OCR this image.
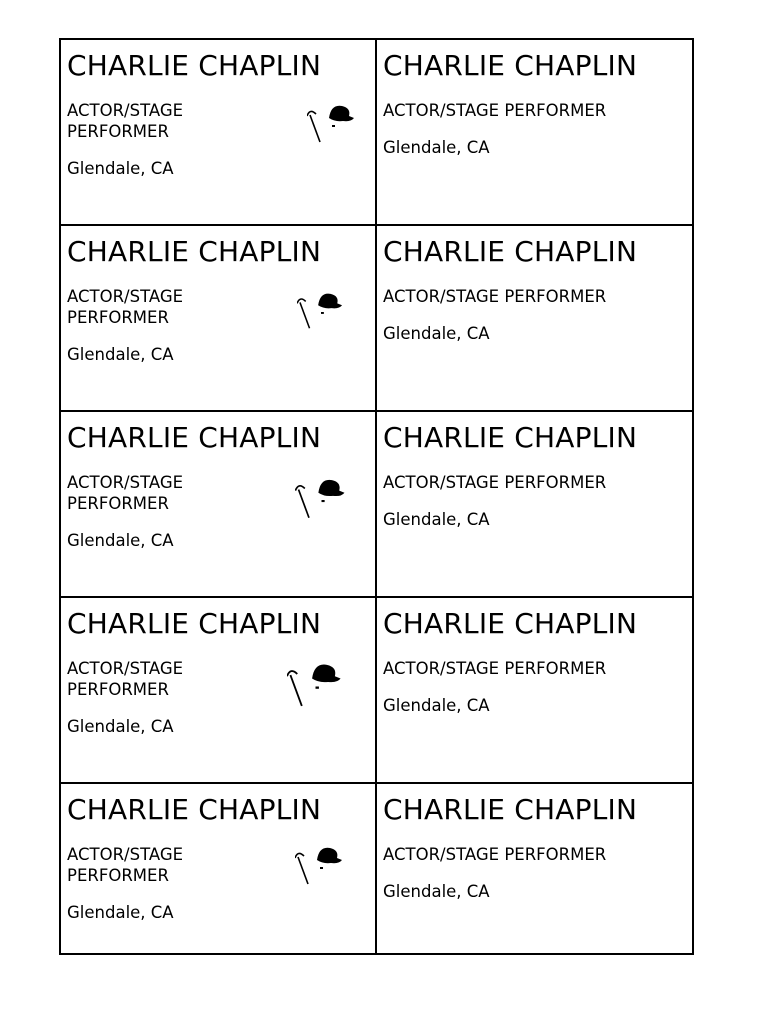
CHARLIE CHAPLIN
ACTOR/STAGE PERFORMER
Glendale, CA
CHARLIE CHAPLIN
ACTOR/STAGE PERFORMER
Glendale, CA
CHARLIE CHAPLIN
ACTOR/STAGE PERFORMER
Glendale, CA
CHARLIE CHAPLIN
ACTOR/STAGE PERFORMER
Glendale, CA
CHARLIE CHAPLIN
ACTOR/STAGE PERFORMER
Glendale, CA
CHARLIE CHAPLIN
ACTOR/STAGE PERFORMER
Glendale, CA
CHARLIE CHAPLIN
ACTOR/STAGE PERFORMER
Glendale, CA
CHARLIE CHAPLIN
ACTOR/STAGE PERFORMER
Glendale, CA
CHARLIE CHAPLIN
ACTOR/STAGE PERFORMER
Glendale, CA
CHARLIE CHAPLIN
ACTOR/STAGE PERFORMER
Glendale, CA
